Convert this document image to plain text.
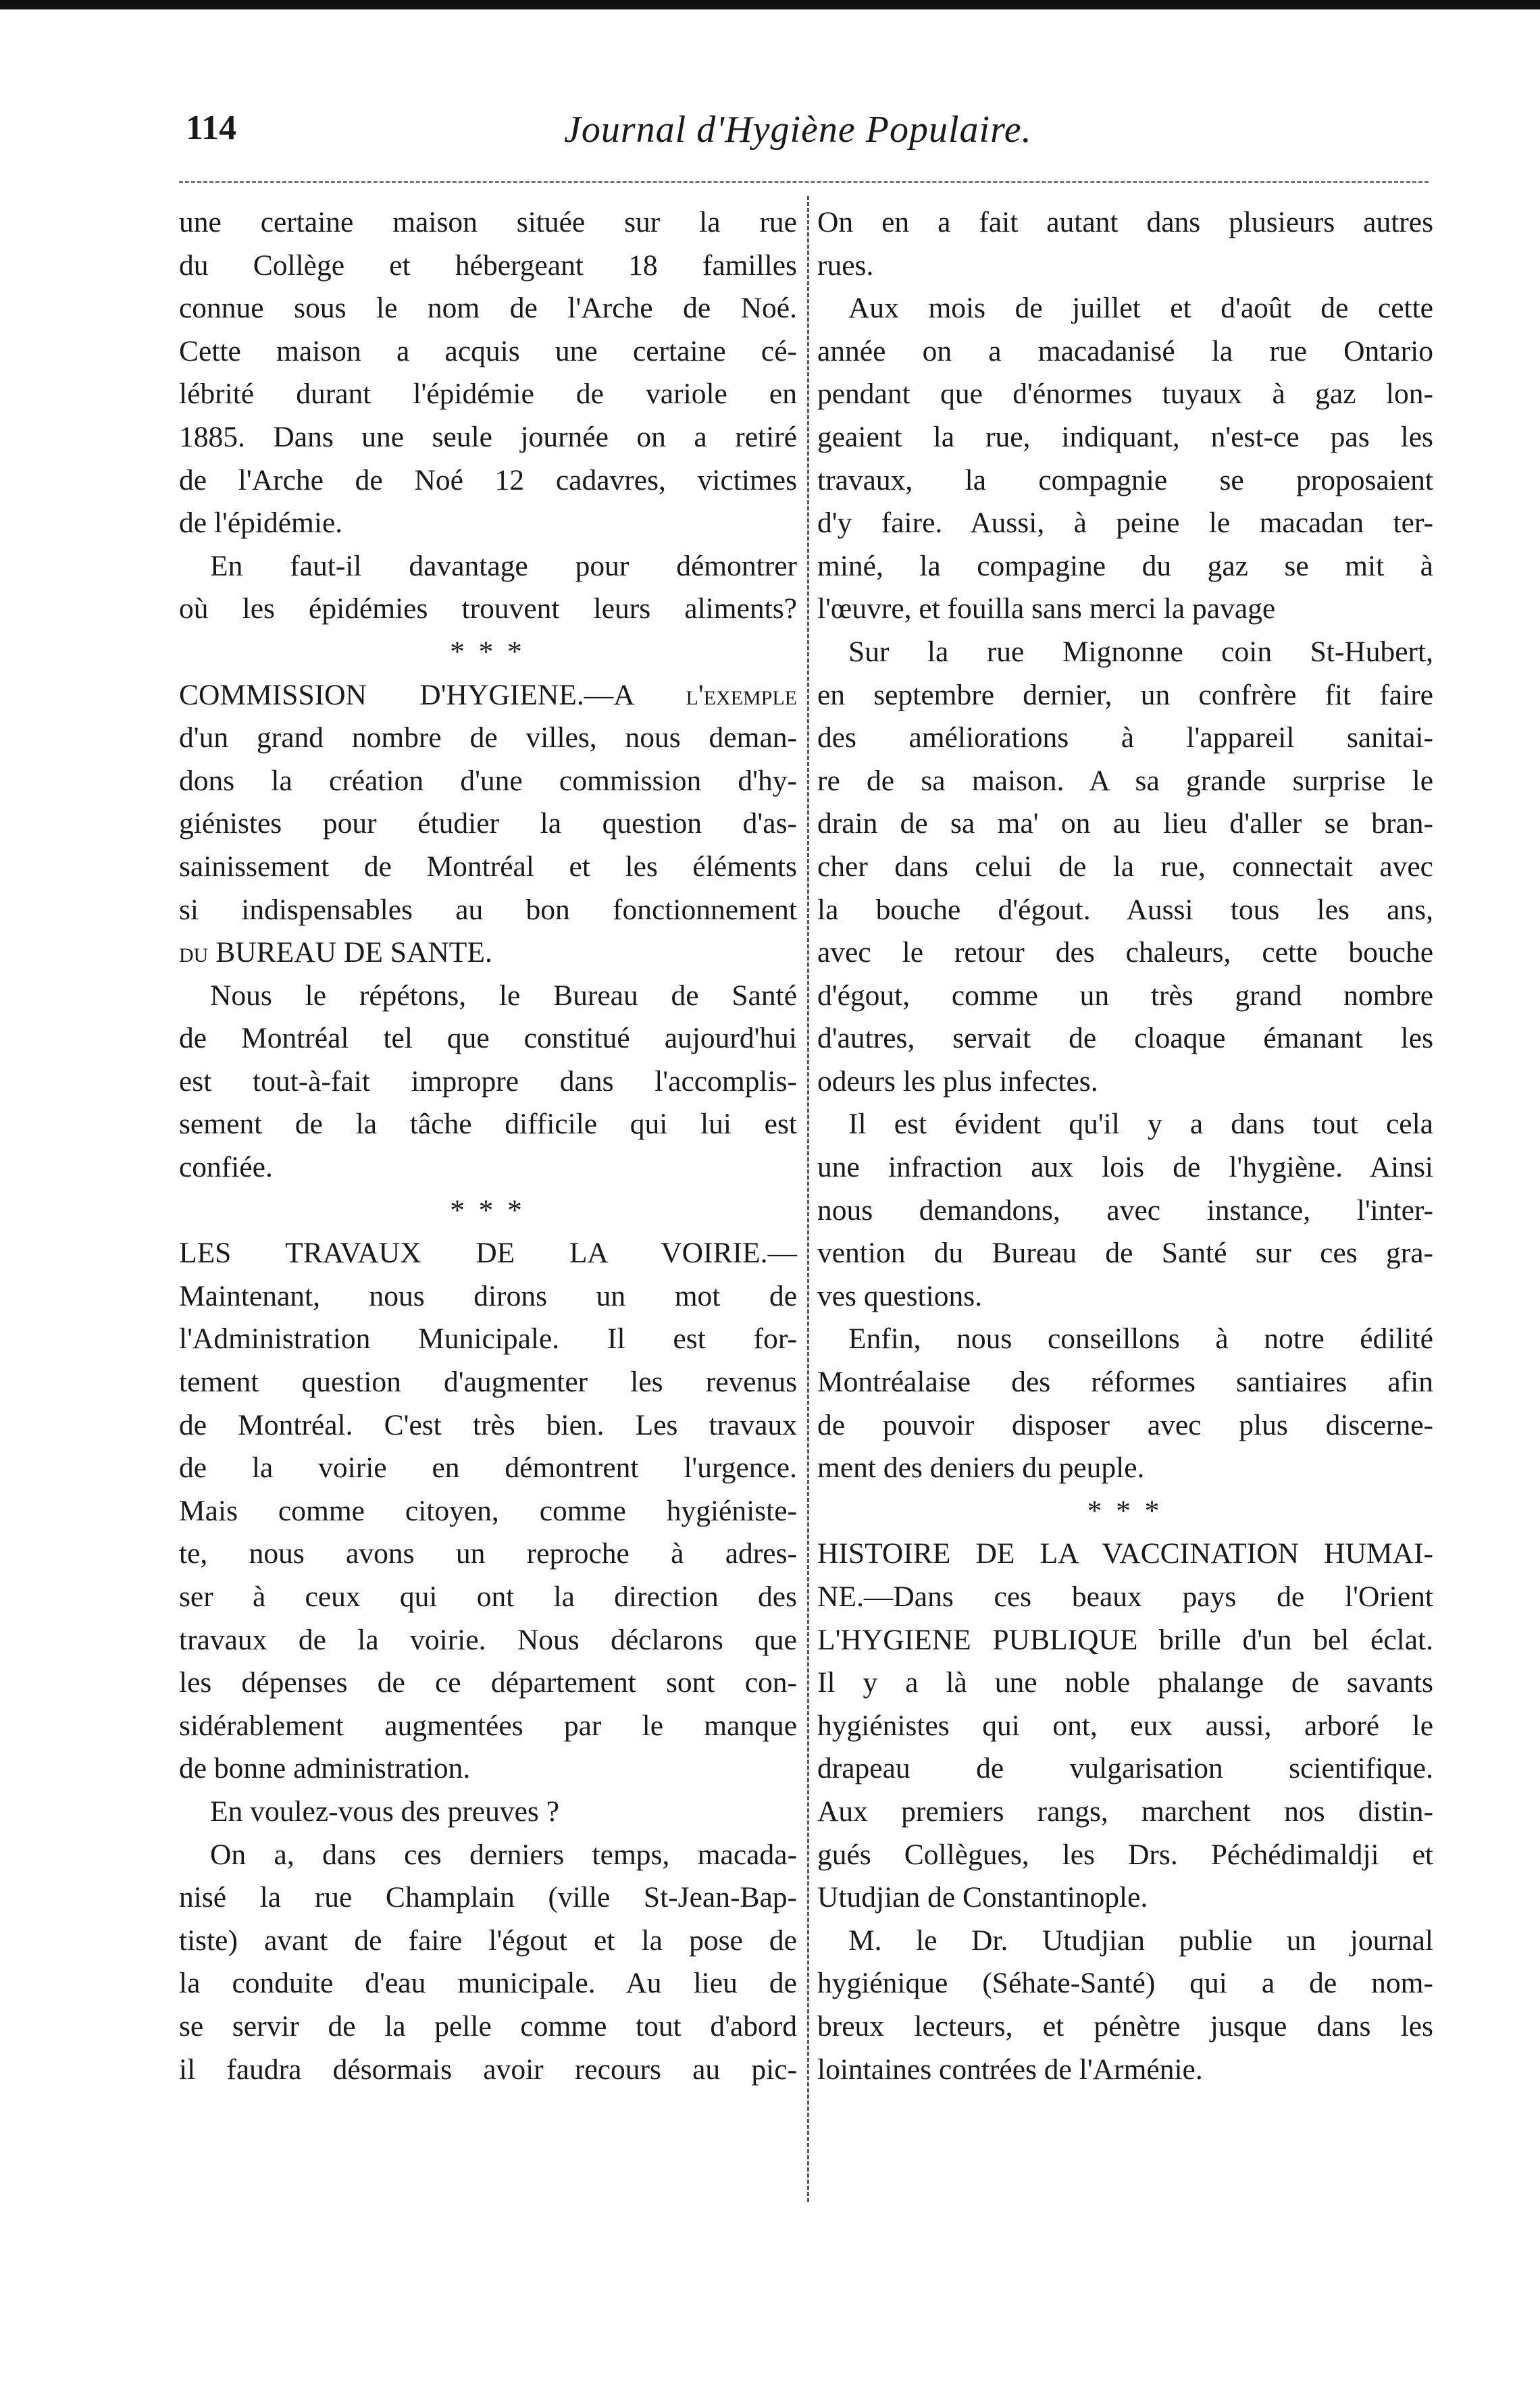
114	Journal d'Hygiène Populaire.
une certaine maison située sur la rue
du Collège et hébergeant 18 familles
connue sous le nom de l'Arche de Noé.
Cette maison a acquis une certaine cé-
lébrité durant l'épidémie de variole en
1885. Dans une seule journée on a retiré
de l'Arche de Noé 12 cadavres, victimes
de l'épidémie.
En faut-il davantage pour démontrer
où les épidémies trouvent leurs aliments?
* * *
COMMISSION D'HYGIENE.—A l'exemple
d'un grand nombre de villes, nous deman-
dons la création d'une commission d'hy-
giénistes pour étudier la question d'as-
sainissement de Montréal et les éléments
si indispensables au bon fonctionnement
du BUREAU DE SANTE.
Nous le répétons, le Bureau de Santé
de Montréal tel que constitué aujourd'hui
est tout-à-fait impropre dans l'accomplis-
sement de la tâche difficile qui lui est
confiée.
* * *
LES TRAVAUX DE LA VOIRIE.—
Maintenant, nous dirons un mot de
l'Administration Municipale. Il est for-
tement question d'augmenter les revenus
de Montréal. C'est très bien. Les travaux
de la voirie en démontrent l'urgence.
Mais comme citoyen, comme hygiéniste-
te, nous avons un reproche à adres-
ser à ceux qui ont la direction des
travaux de la voirie. Nous déclarons que
les dépenses de ce département sont con-
sidérablement augmentées par le manque
de bonne administration.
En voulez-vous des preuves ?
On a, dans ces derniers temps, macada-
nisé la rue Champlain (ville St-Jean-Bap-
tiste) avant de faire l'égout et la pose de
la conduite d'eau municipale. Au lieu de
se servir de la pelle comme tout d'abord
il faudra désormais avoir recours au pic-
On en a fait autant dans plusieurs autres
rues.
Aux mois de juillet et d'août de cette
année on a macadanisé la rue Ontario
pendant que d'énormes tuyaux à gaz lon-
geaient la rue, indiquant, n'est-ce pas les
travaux, la compagnie se proposaient
d'y faire. Aussi, à peine le macadan ter-
miné, la compagine du gaz se mit à
l'œuvre, et fouilla sans merci la pavage
Sur la rue Mignonne coin St-Hubert,
en septembre dernier, un confrère fit faire
des améliorations à l'appareil sanitai-
re de sa maison. A sa grande surprise le
drain de sa ma' on au lieu d'aller se bran-
cher dans celui de la rue, connectait avec
la bouche d'égout. Aussi tous les ans,
avec le retour des chaleurs, cette bouche
d'égout, comme un très grand nombre
d'autres, servait de cloaque émanant les
odeurs les plus infectes.
Il est évident qu'il y a dans tout cela
une infraction aux lois de l'hygiène. Ainsi
nous demandons, avec instance, l'inter-
vention du Bureau de Santé sur ces gra-
ves questions.
Enfin, nous conseillons à notre édilité
Montréalaise des réformes santiaires afin
de pouvoir disposer avec plus discerne-
ment des deniers du peuple.
* * *
HISTOIRE DE LA VACCINATION HUMAI-
NE.—Dans ces beaux pays de l'Orient
L'HYGIENE PUBLIQUE brille d'un bel éclat.
Il y a là une noble phalange de savants
hygiénistes qui ont, eux aussi, arboré le
drapeau de vulgarisation scientifique.
Aux premiers rangs, marchent nos distin-
gués Collègues, les Drs. Péchédimaldji et
Utudjian de Constantinople.
M. le Dr. Utudjian publie un journal
hygiénique (Séhate-Santé) qui a de nom-
breux lecteurs, et pénètre jusque dans les
lointaines contrées de l'Arménie.
